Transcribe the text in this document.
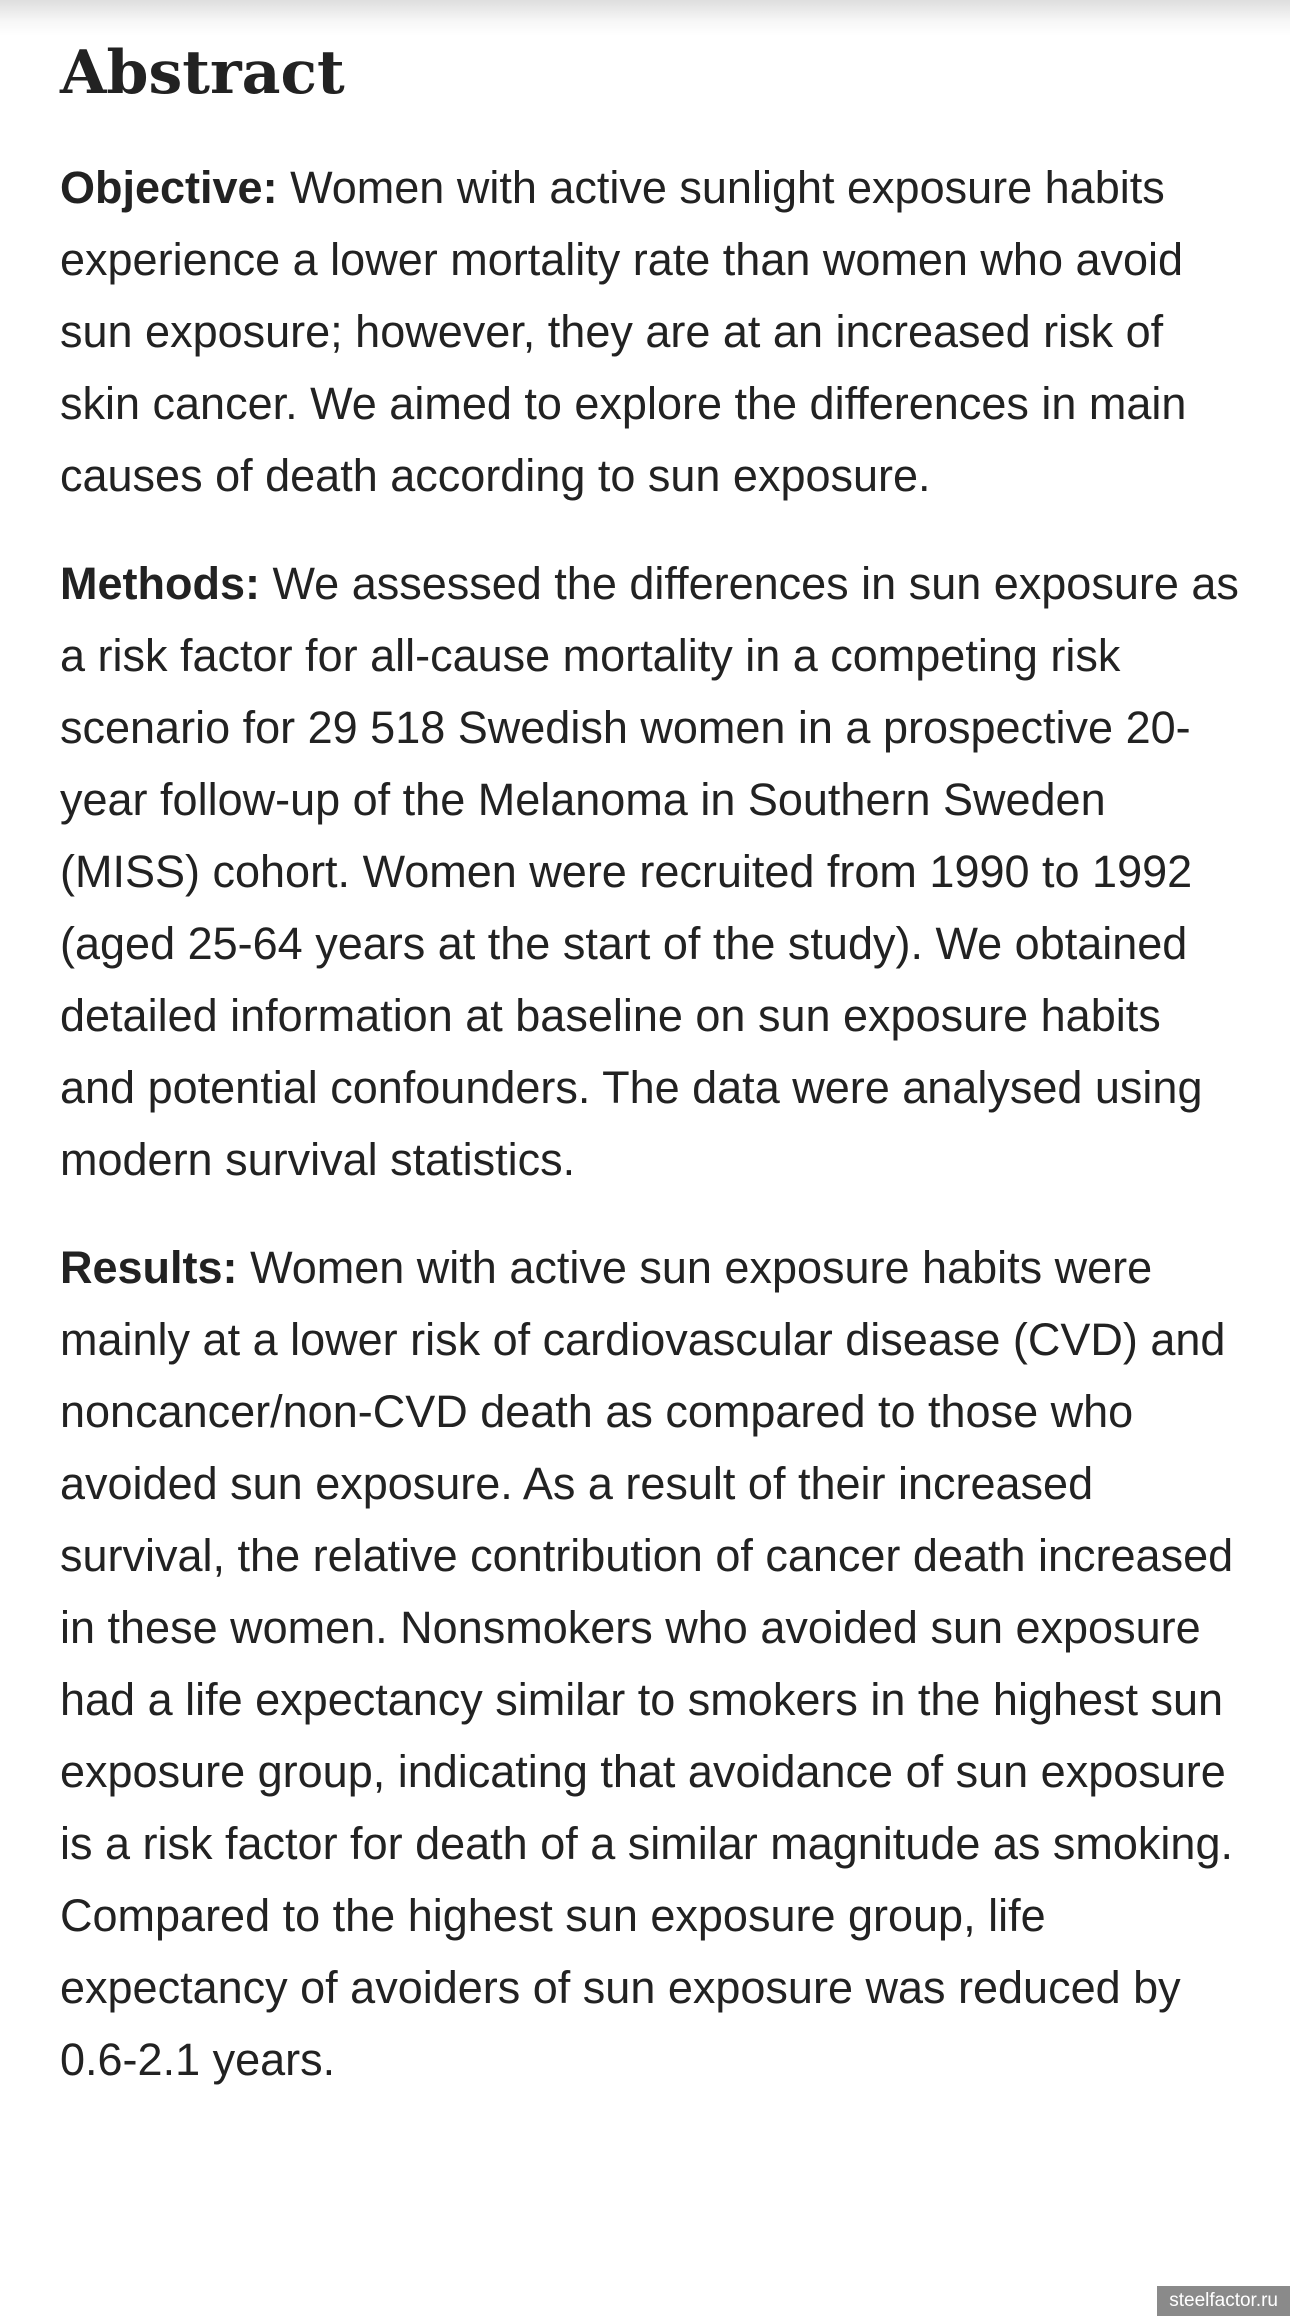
Abstract

Objective: Women with active sunlight exposure habits experience a lower mortality rate than women who avoid sun exposure; however, they are at an increased risk of skin cancer. We aimed to explore the differences in main causes of death according to sun exposure.

Methods: We assessed the differences in sun exposure as a risk factor for all-cause mortality in a competing risk scenario for 29 518 Swedish women in a prospective 20-year follow-up of the Melanoma in Southern Sweden (MISS) cohort. Women were recruited from 1990 to 1992 (aged 25-64 years at the start of the study). We obtained detailed information at baseline on sun exposure habits and potential confounders. The data were analysed using modern survival statistics.

Results: Women with active sun exposure habits were mainly at a lower risk of cardiovascular disease (CVD) and noncancer/non-CVD death as compared to those who avoided sun exposure. As a result of their increased survival, the relative contribution of cancer death increased in these women. Nonsmokers who avoided sun exposure had a life expectancy similar to smokers in the highest sun exposure group, indicating that avoidance of sun exposure is a risk factor for death of a similar magnitude as smoking. Compared to the highest sun exposure group, life expectancy of avoiders of sun exposure was reduced by 0.6-2.1 years.

steelfactor.ru
